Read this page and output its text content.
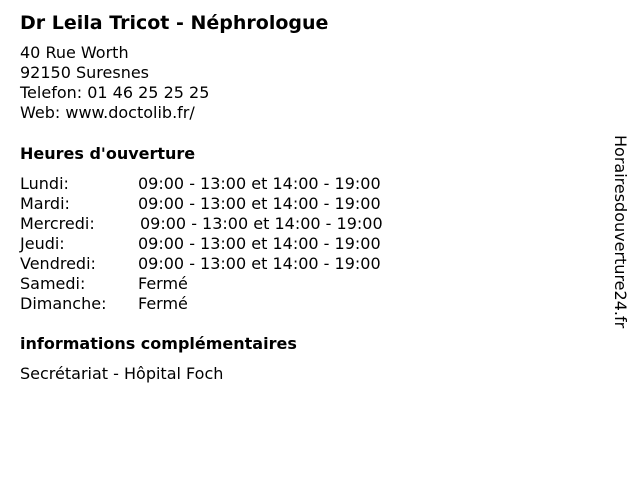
Dr Leila Tricot - Néphrologue
40 Rue Worth
92150 Suresnes
Telefon: 01 46 25 25 25
Web: www.doctolib.fr/
Heures d'ouverture
Lundi:	09:00 - 13:00 et 14:00 - 19:00
Mardi:	09:00 - 13:00 et 14:00 - 19:00
Mercredi:	09:00 - 13:00 et 14:00 - 19:00
Jeudi:	09:00 - 13:00 et 14:00 - 19:00
Vendredi:	09:00 - 13:00 et 14:00 - 19:00
Samedi:	Fermé
Dimanche:	Fermé
informations complémentaires
Secrétariat - Hôpital Foch
Horairesdouverture24.fr
